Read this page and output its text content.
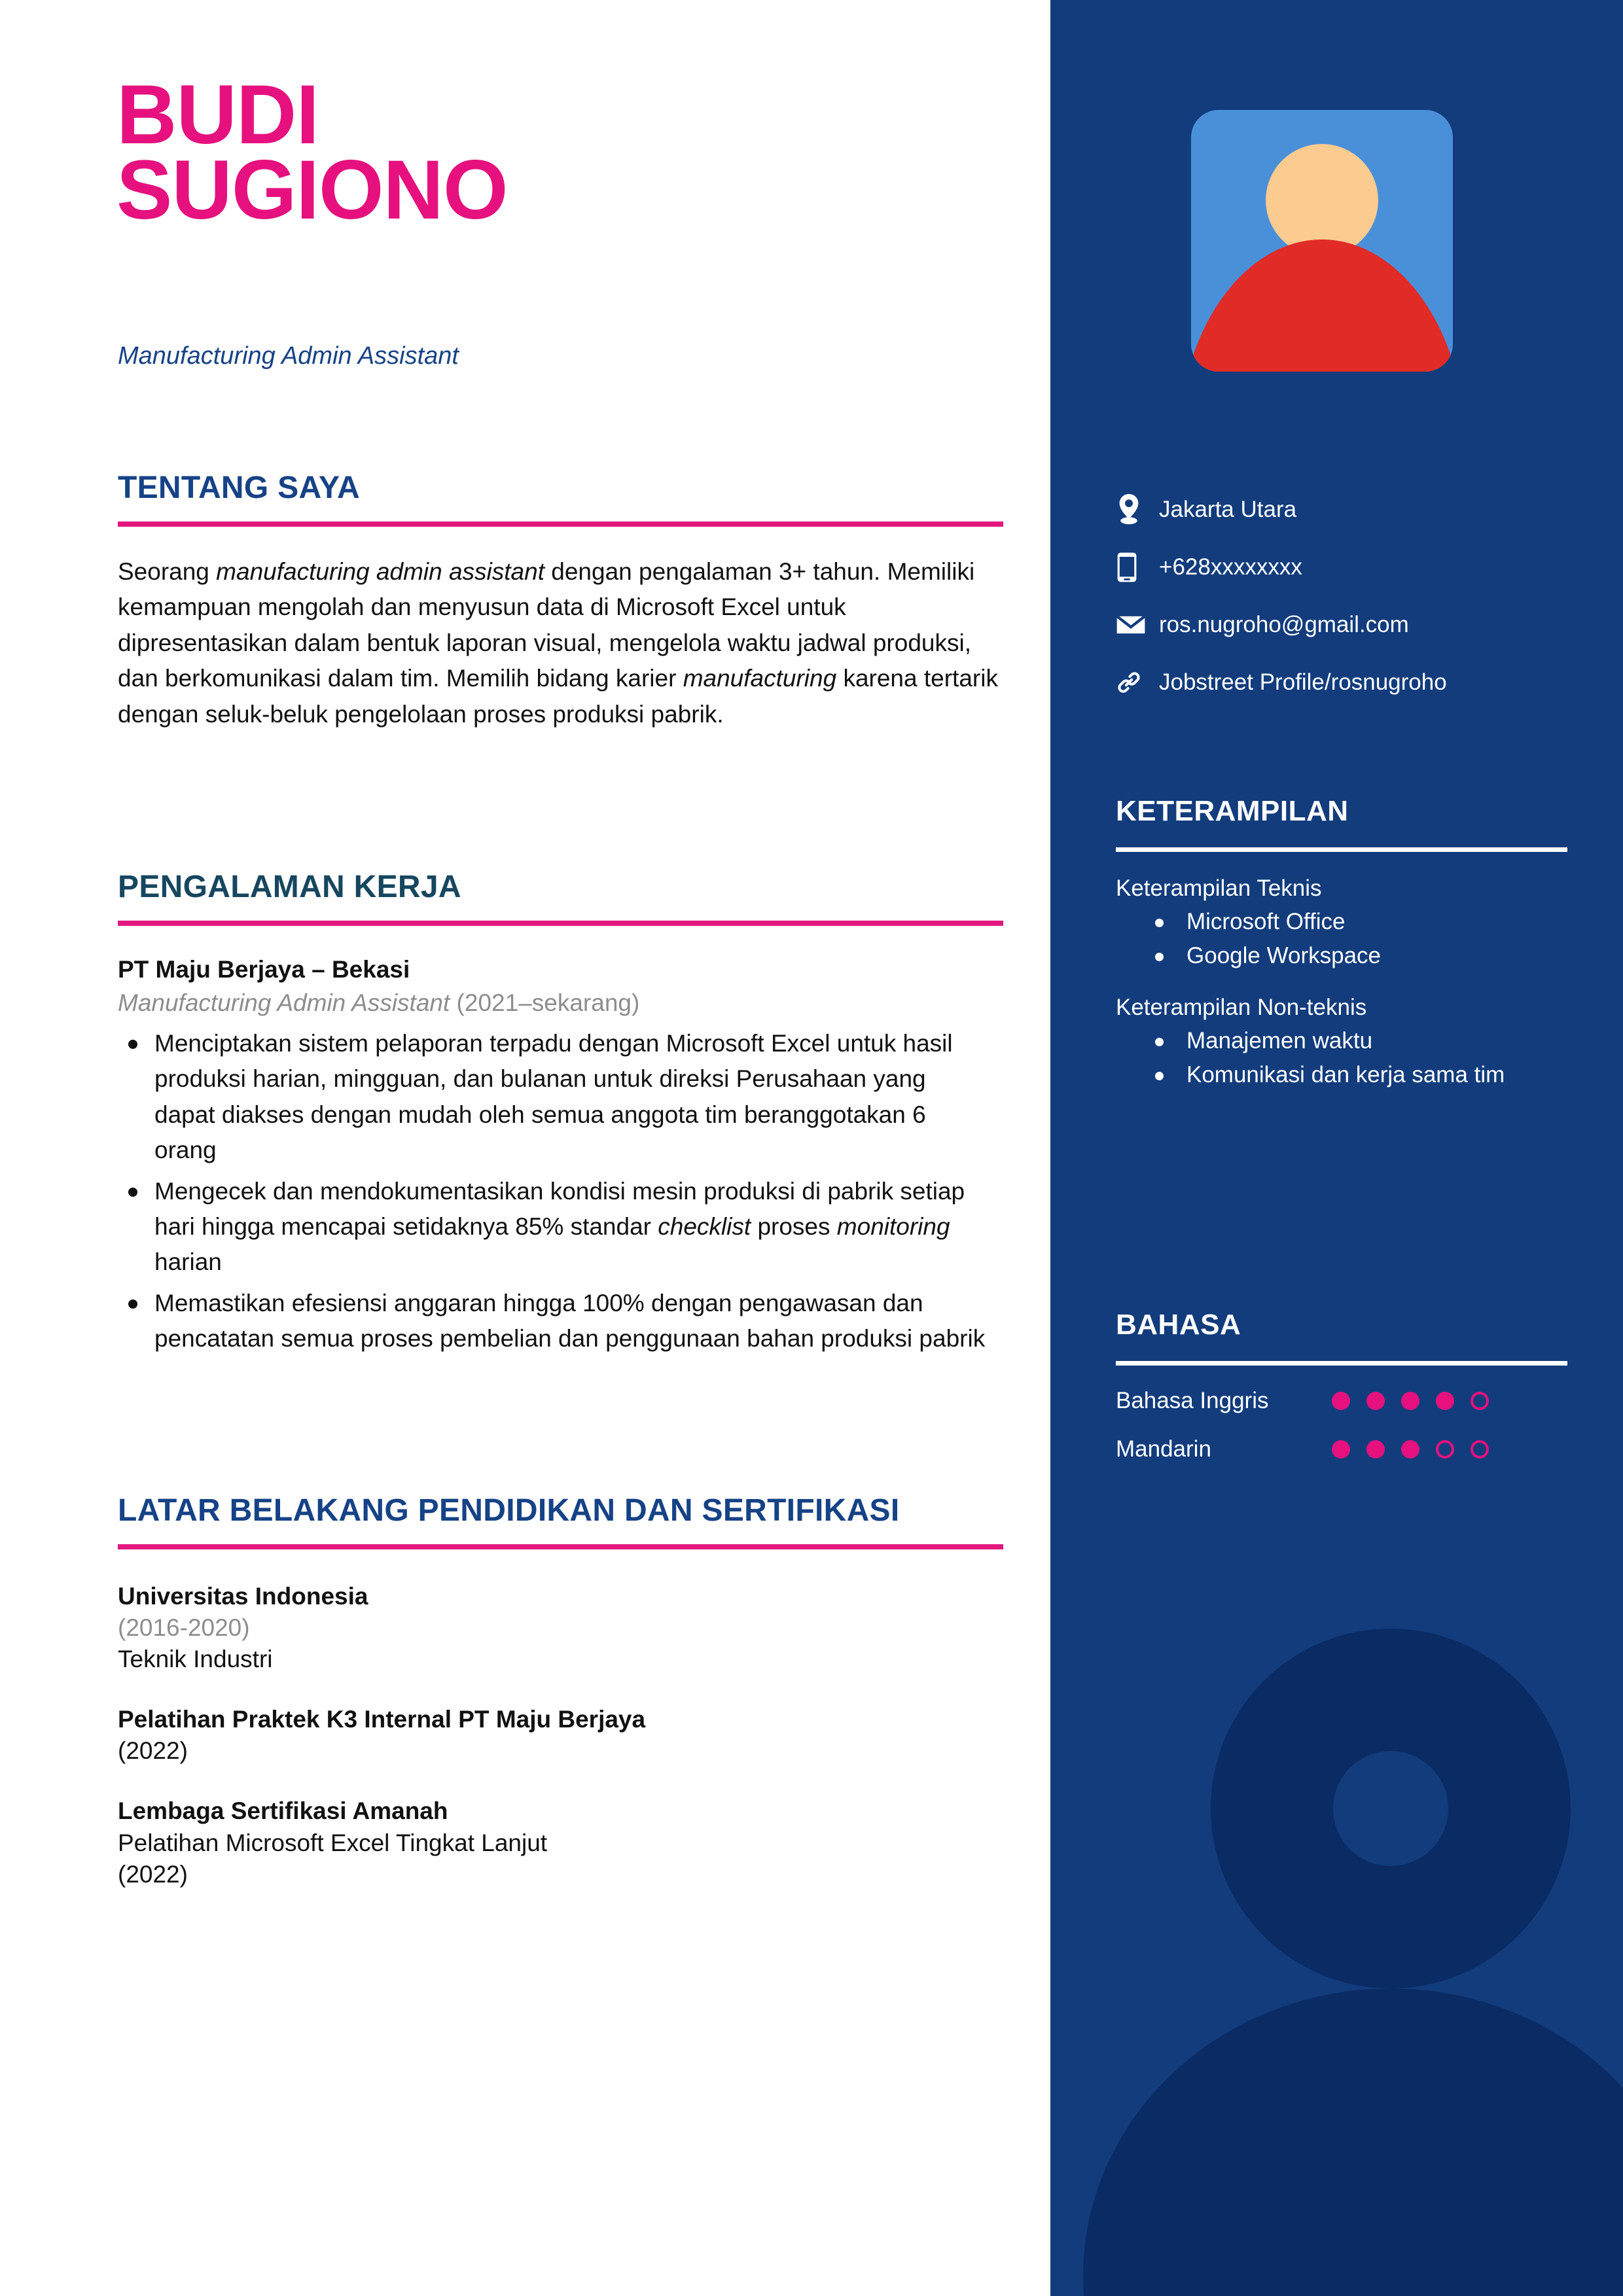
BUDI
SUGIONO
Manufacturing Admin Assistant
TENTANG SAYA
Seorang manufacturing admin assistant dengan pengalaman 3+ tahun. Memiliki kemampuan mengolah dan menyusun data di Microsoft Excel untuk dipresentasikan dalam bentuk laporan visual, mengelola waktu jadwal produksi, dan berkomunikasi dalam tim. Memilih bidang karier manufacturing karena tertarik dengan seluk-beluk pengelolaan proses produksi pabrik.
PENGALAMAN KERJA
PT Maju Berjaya – Bekasi
Manufacturing Admin Assistant (2021–sekarang)
Menciptakan sistem pelaporan terpadu dengan Microsoft Excel untuk hasil produksi harian, mingguan, dan bulanan untuk direksi Perusahaan yang dapat diakses dengan mudah oleh semua anggota tim beranggotakan 6 orang
Mengecek dan mendokumentasikan kondisi mesin produksi di pabrik setiap hari hingga mencapai setidaknya 85% standar checklist proses monitoring harian
Memastikan efesiensi anggaran hingga 100% dengan pengawasan dan pencatatan semua proses pembelian dan penggunaan bahan produksi pabrik
LATAR BELAKANG PENDIDIKAN DAN SERTIFIKASI
Universitas Indonesia
(2016-2020)
Teknik Industri
Pelatihan Praktek K3 Internal PT Maju Berjaya
(2022)
Lembaga Sertifikasi Amanah
Pelatihan Microsoft Excel Tingkat Lanjut
(2022)
Jakarta Utara
+628xxxxxxxx
ros.nugroho@gmail.com
Jobstreet Profile/rosnugroho
KETERAMPILAN
Keterampilan Teknis
Microsoft Office
Google Workspace
Keterampilan Non-teknis
Manajemen waktu
Komunikasi dan kerja sama tim
BAHASA
Bahasa Inggris
Mandarin
